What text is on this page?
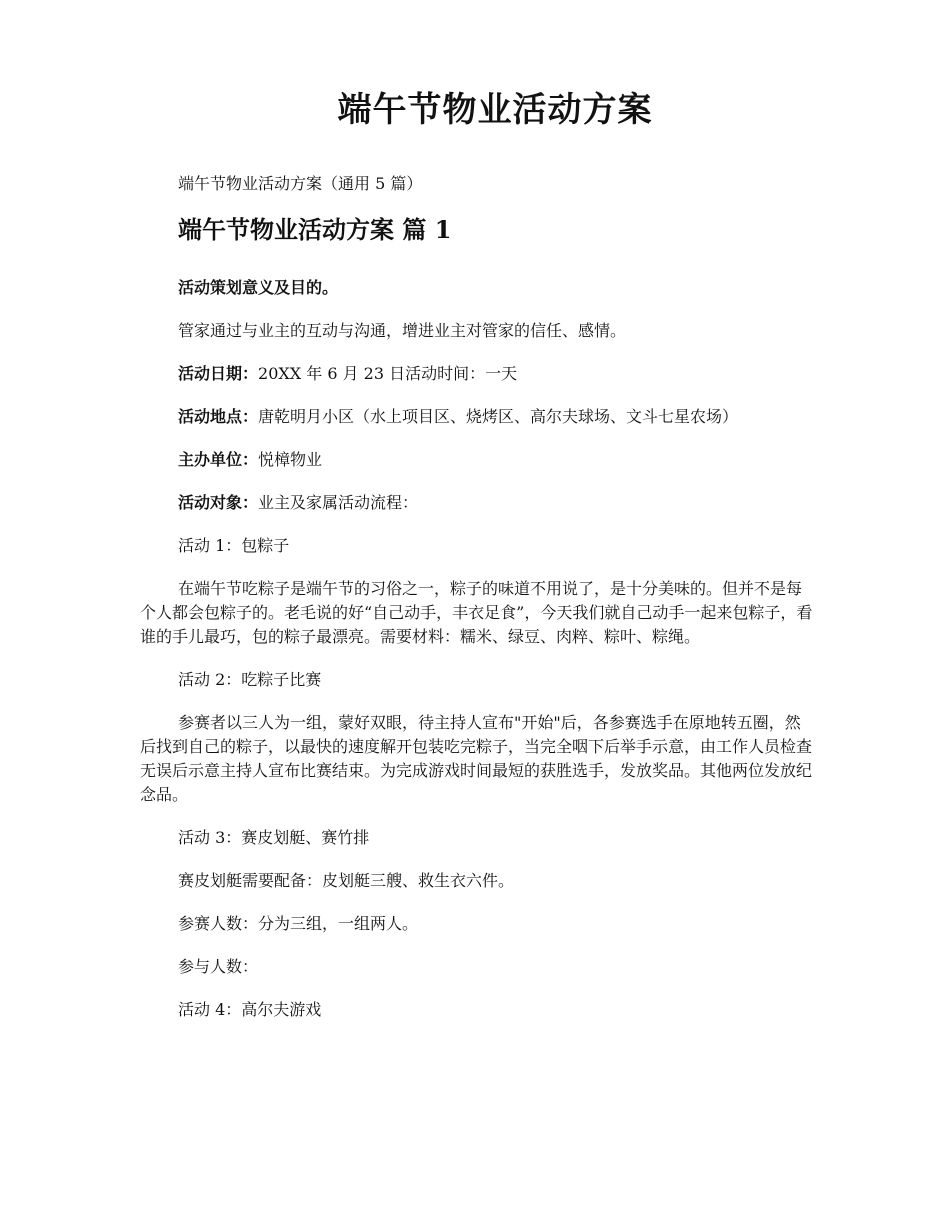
端午节物业活动方案

端午节物业活动方案（通用 5 篇）

端午节物业活动方案 篇 1

活动策划意义及目的。

管家通过与业主的互动与沟通，增进业主对管家的信任、感情。

活动日期：20XX 年 6 月 23 日活动时间：一天

活动地点：唐乾明月小区（水上项目区、烧烤区、高尔夫球场、文斗七星农场）

主办单位：悦樟物业

活动对象：业主及家属活动流程：

活动 1：包粽子

在端午节吃粽子是端午节的习俗之一，粽子的味道不用说了，是十分美味的。但并不是每个人都会包粽子的。老毛说的好“自己动手，丰衣足食”，今天我们就自己动手一起来包粽子，看谁的手儿最巧，包的粽子最漂亮。需要材料：糯米、绿豆、肉粹、粽叶、粽绳。

活动 2：吃粽子比赛

参赛者以三人为一组，蒙好双眼，待主持人宣布"开始"后，各参赛选手在原地转五圈，然后找到自己的粽子，以最快的速度解开包装吃完粽子，当完全咽下后举手示意，由工作人员检查无误后示意主持人宣布比赛结束。为完成游戏时间最短的获胜选手，发放奖品。其他两位发放纪念品。

活动 3：赛皮划艇、赛竹排

赛皮划艇需要配备：皮划艇三艘、救生衣六件。

参赛人数：分为三组，一组两人。

参与人数：

活动 4：高尔夫游戏
